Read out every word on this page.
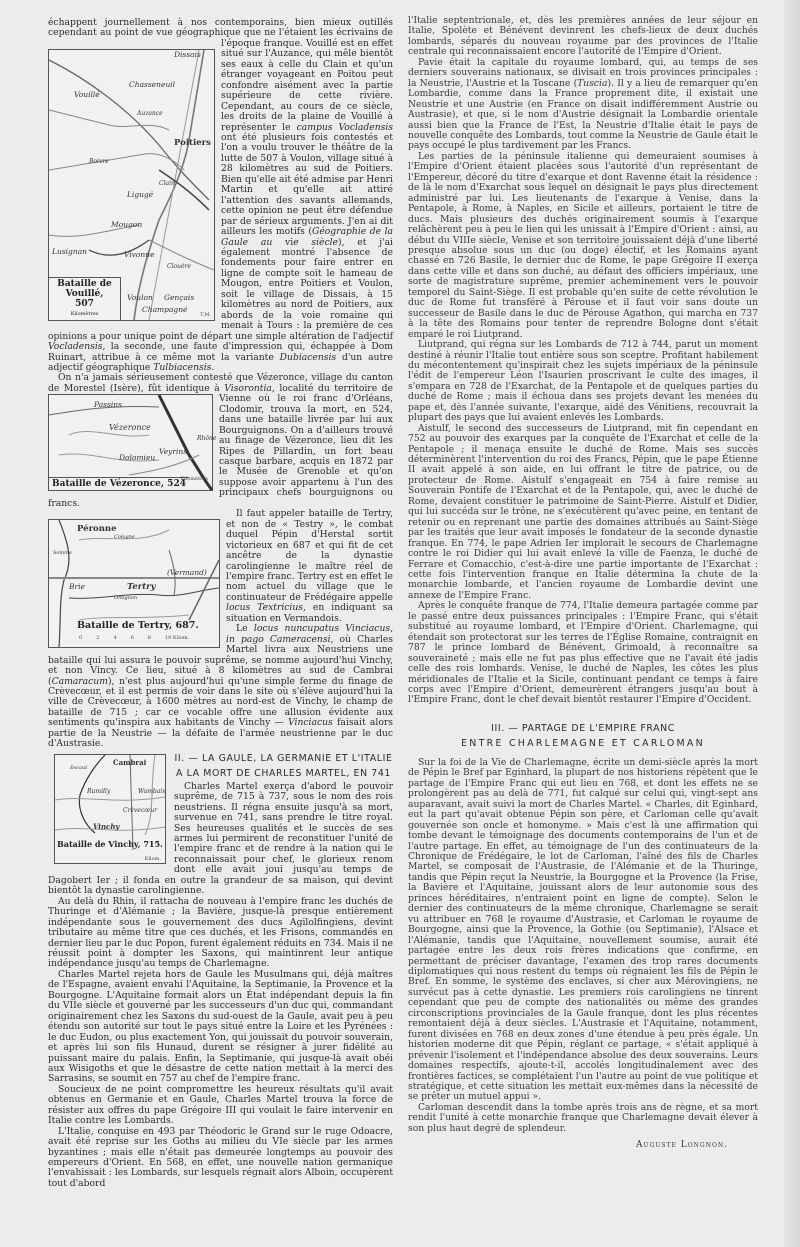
échappent journellement à nos contemporains, bien mieux outillés cependant au point de vue géographique que ne l'étaient les écrivains de l'époque franque. Vouillé est en effet situé sur l'Auzance, qui mêle bientôt ses eaux à celle du Clain et qu'un étranger voyageant en Poitou peut confondre aisément avec la partie supérieure de cette rivière. Cependant, au cours de ce siècle, les droits de la plaine de Vouillé à représenter le campus Vocladensis ont été plusieurs fois contestés et l'on a voulu trouver le théâtre de la lutte de 507 à Voulon, village situé à 28 kilomètres au sud de Poitiers. Bien qu'elle ait été admise par Henri Martin et qu'elle ait attiré l'attention des savants allemands, cette opinion ne peut être défendue par de sérieux arguments. J'en ai dit ailleurs les motifs (Géographie de la Gaule au vie siècle), et j'ai également montré l'absence de fondements pour faire entrer en ligne de compte soit le hameau de Mougon, entre Poitiers et Voulon, soit le village de Dissais, à 15 kilomètres au nord de Poitiers, aux abords de la voie romaine qui menait à Tours : la première de ces opinions a pour unique point de départ une simple altération de l'adjectif Vocladensis, la seconde, une faute d'impression qui, échappée à Dom Ruinart, attribue à ce même mot la variante Dubiacensis d'un autre adjectif géographique Tulbiacensis.

On n'a jamais sérieusement contesté que Vézeronce, village du canton de Morestel (Isère), fût identique à Visorontia, localité du territoire de Vienne où le roi franc d'Orléans, Clodomir, trouva la mort, en 524, dans une bataille livrée par lui aux Bourguignons. On a d'ailleurs trouvé au finage de Vézeronce, lieu dit les Ripes de Pillardin, un fort beau casque barbare, acquis en 1872 par le Musée de Grenoble et qu'on suppose avoir appartenu à l'un des principaux chefs bourguignons ou francs.

Il faut appeler bataille de Tertry, et non de « Testry », le combat duquel Pépin d'Herstal sortit victorieux en 687 et qui fit de cet ancêtre de la dynastie carolingienne le maître réel de l'empire franc. Tertry est en effet le nom actuel du village que le continuateur de Frédégaire appelle locus Textricius, en indiquant sa situation en Vermandois.

Le locus nuncupatus Vinciacus, in pago Cameracensi, où Charles Martel livra aux Neustriens une bataille qui lui assura le pouvoir suprême, se nomme aujourd'hui Vinchy, et non Vincy. Ce lieu, situé à 8 kilomètres au sud de Cambrai (Camaracum), n'est plus aujourd'hui qu'une simple ferme du finage de Crèvecœur, et il est permis de voir dans le site où s'élève aujourd'hui la ville de Crèvecœur, à 1600 mètres au nord-est de Vinchy, le champ de bataille de 715 ; car ce vocable offre une allusion évidente aux sentiments qu'inspira aux habitants de Vinchy — Vinciacus faisait alors partie de la Neustrie — la défaite de l'armée neustrienne par le duc d'Austrasie.

II. — LA GAULE, LA GERMANIE ET L'ITALIE
A LA MORT DE CHARLES MARTEL, EN 741

Charles Martel exerça d'abord le pouvoir suprême, de 715 à 737, sous le nom des rois neustriens. Il régna ensuite jusqu'à sa mort, survenue en 741, sans prendre le titre royal. Ses heureuses qualités et le succès de ses armes lui permirent de reconstituer l'unité de l'empire franc et de rendre à la nation qui le reconnaissait pour chef, le glorieux renom dont elle avait joui jusqu'au temps de Dagobert Ier ; il fonda en outre la grandeur de sa maison, qui devint bientôt la dynastie carolingienne.

Au delà du Rhin, il rattacha de nouveau à l'empire franc les duchés de Thuringe et d'Alémanie ; la Bavière, jusque-là presque entièrement indépendante sous le gouvernement des ducs Agilolfingiens, devint tributaire au même titre que ces duchés, et les Frisons, commandés en dernier lieu par le duc Popon, furent également réduits en 734. Mais il ne réussit point à dompter les Saxons, qui maintinrent leur antique indépendance jusqu'au temps de Charlemagne.

Charles Martel rejeta hors de Gaule les Musulmans qui, déjà maîtres de l'Espagne, avaient envahi l'Aquitaine, la Septimanie, la Provence et la Bourgogne. L'Aquitaine formait alors un État indépendant depuis la fin du VIIe siècle et gouverné par les successeurs d'un duc qui, commandant originairement chez les Saxons du sud-ouest de la Gaule, avait peu à peu étendu son autorité sur tout le pays situé entre la Loire et les Pyrénées : le duc Eudon, ou plus exactement Yon, qui jouissait du pouvoir souverain, et après lui son fils Hunaud, durent se résigner à jurer fidélité au puissant maire du palais. Enfin, la Septimanie, qui jusque-là avait obéi aux Wisigoths et que le désastre de cette nation mettait à la merci des Sarrasins, se soumit en 757 au chef de l'empire franc.

Soucieux de ne point compromettre les heureux résultats qu'il avait obtenus en Germanie et en Gaule, Charles Martel trouva la force de résister aux offres du pape Grégoire III qui voulait le faire intervenir en Italie contre les Lombards.

L'Italie, conquise en 493 par Théodoric le Grand sur le ruge Odoacre, avait été reprise sur les Goths au milieu du VIe siècle par les armes byzantines ; mais elle n'était pas demeurée longtemps au pouvoir des empereurs d'Orient. En 568, en effet, une nouvelle nation germanique l'envahissait : les Lombards, sur lesquels régnait alors Alboin, occupèrent tout d'abord

Dissais
Chasseneuil
Vouillé
Auzance
Poitiers
Boivre
Ligugé
Clain
Mougon
Lusignan	Vivonne
Clouère
Voulon Gençais
Champagné
Bataille de Vouillé,
507
Kilomètres	T.M.
Passins
Vézeronce
Dolomieu
Veyrins
Rhône
Bataille de Vézeronce, 524
Kilomètres
Péronne
Cologne
Somme
(Vermand)
Brie	Tertry
Omignon
Bataille de Tertry, 687.
0	2	4	6	8	10 Kilom.
Cambrai
Escaut
Rumilly	Wambaix
Crèvecœur
Vinchy
Bataille de Vinchy, 715.
Kilom.

l'Italie septentrionale, et, dès les premières années de leur séjour en Italie, Spolète et Bénévent devinrent les chefs-lieux de deux duchés lombards, séparés du nouveau royaume par des provinces de l'Italie centrale qui reconnaissaient encore l'autorité de l'Empire d'Orient.

Pavie était la capitale du royaume lombard, qui, au temps de ses derniers souverains nationaux, se divisait en trois provinces principales : la Neustrie, l'Austrie et la Toscane (Tuscia). Il y a lieu de remarquer qu'en Lombardie, comme dans la France proprement dite, il existait une Neustrie et une Austrie (en France on disait indifféremment Austrie ou Austrasie), et que, si le nom d'Austrie désignait la Lombardie orientale aussi bien que la France de l'Est, la Neustrie d'Italie était le pays de nouvelle conquête des Lombards, tout comme la Neustrie de Gaule était le pays occupé le plus tardivement par les Francs.

Les parties de la péninsule italienne qui demeuraient soumises à l'Empire d'Orient étaient placées sous l'autorité d'un représentant de l'Empereur, décoré du titre d'exarque et dont Ravenne était la résidence : de là le nom d'Exarchat sous lequel on désignait le pays plus directement administré par lui. Les lieutenants de l'exarque à Venise, dans la Pentapole, à Rome, à Naples, en Sicile et ailleurs, portaient le titre de ducs. Mais plusieurs des duchés originairement soumis à l'exarque relâchèrent peu à peu le lien qui les unissait à l'Empire d'Orient : ainsi, au début du VIIIe siècle, Venise et son territoire jouissaient déjà d'une liberté presque absolue sous un duc (ou doge) électif, et les Romains ayant chassé en 726 Basile, le dernier duc de Rome, le pape Grégoire II exerça dans cette ville et dans son duché, au défaut des officiers impériaux, une sorte de magistrature suprême, premier acheminement vers le pouvoir temporel du Saint-Siège. Il est probable qu'en suite de cette révolution le duc de Rome fut transféré à Pérouse et il faut voir sans doute un successeur de Basile dans le duc de Pérouse Agathon, qui marcha en 737 à la tête des Romains pour tenter de reprendre Bologne dont s'était emparé le roi Liutprand.

Liutprand, qui régna sur les Lombards de 712 à 744, parut un moment destiné à réunir l'Italie tout entière sous son sceptre. Profitant habilement du mécontentement qu'inspirait chez les sujets impériaux de la péninsule l'édit de l'empereur Léon l'Isaurien proscrivant le culte des images, il s'empara en 728 de l'Exarchat, de la Pentapole et de quelques parties du duché de Rome ; mais il échoua dans ses projets devant les menées du pape et, dès l'année suivante, l'exarque, aidé des Vénitiens, recouvrait la plupart des pays que lui avaient enlevés les Lombards.

Aistulf, le second des successeurs de Liutprand, mit fin cependant en 752 au pouvoir des exarques par la conquête de l'Exarchat et celle de la Pentapole ; il menaça ensuite le duché de Rome. Mais ses succès déterminèrent l'intervention du roi des Francs, Pépin, que le pape Étienne II avait appelé à son aide, en lui offrant le titre de patrice, ou de protecteur de Rome. Aistulf s'engageait en 754 à faire remise au Souverain Pontife de l'Exarchat et de la Pentapole, qui, avec le duché de Rome, devaient constituer le patrimoine de Saint-Pierre. Aistulf et Didier, qui lui succéda sur le trône, ne s'exécutèrent qu'avec peine, en tentant de retenir ou en reprenant une partie des domaines attribués au Saint-Siège par les traités que leur avait imposés le fondateur de la seconde dynastie franque. En 774, le pape Adrien Ier implorait le secours de Charlemagne contre le roi Didier qui lui avait enlevé la ville de Faenza, le duché de Ferrare et Comacchio, c'est-à-dire une partie importante de l'Exarchat : cette fois l'intervention franque en Italie détermina la chute de la monarchie lombarde, et l'ancien royaume de Lombardie devint une annexe de l'Empire Franc.

Après le conquête franque de 774, l'Italie demeura partagée comme par le passé entre deux puissances principales : l'Empire Franc, qui s'était substitué au royaume lombard, et l'Empire d'Orient. Charlemagne, qui étendait son protectorat sur les terres de l'Église Romaine, contraignit en 787 le prince lombard de Bénévent, Grimoald, à reconnaître sa souveraineté ; mais elle ne fut pas plus effective que ne l'avait été jadis celle des rois lombards. Venise, le duché de Naples, les côtes les plus méridionales de l'Italie et la Sicile, continuant pendant ce temps à faire corps avec l'Empire d'Orient, demeurèrent étrangers jusqu'au bout à l'Empire Franc, dont le chef devait bientôt restaurer l'Empire d'Occident.

III. — PARTAGE DE L'EMPIRE FRANC
ENTRE CHARLEMAGNE ET CARLOMAN

Sur la foi de la Vie de Charlemagne, écrite un demi-siècle après la mort de Pépin le Bref par Eginhard, la plupart de nos historiens répètent que le partage de l'Empire Franc qui eut lieu en 768, et dont les effets ne se prolongèrent pas au delà de 771, fut calqué sur celui qui, vingt-sept ans auparavant, avait suivi la mort de Charles Martel. « Charles, dit Eginhard, eut la part qu'avait obtenue Pépin son père, et Carloman celle qu'avait gouvernée son oncle et homonyme. » Mais c'est là une affirmation qui tombe devant le témoignage des documents contemporains de l'un et de l'autre partage. En effet, au témoignage de l'un des continuateurs de la Chronique de Frédégaire, le lot de Carloman, l'aîné des fils de Charles Martel, se composait de l'Austrasie, de l'Alémanie et de la Thuringe, tandis que Pépin reçut la Neustrie, la Bourgogne et la Provence (la Frise, la Bavière et l'Aquitaine, jouissant alors de leur autonomie sous des princes héréditaires, n'entraient point en ligne de compte). Selon le dernier des continuateurs de la même chronique, Charlemagne se serait vu attribuer en 768 le royaume d'Austrasie, et Carloman le royaume de Bourgogne, ainsi que la Provence, la Gothie (ou Septimanie), l'Alsace et l'Alémanie, tandis que l'Aquitaine, nouvellement soumise, aurait été partagée entre les deux rois frères indications que confirme, en permettant de préciser davantage, l'examen des trop rares documents diplomatiques qui nous restent du temps où régnaient les fils de Pépin le Bref. En somme, le système des enclaves, si cher aux Mérovingiens, ne survécut pas à cette dynastie. Les premiers rois carolingiens ne tinrent cependant que peu de compte des nationalités ou même des grandes circonscriptions provinciales de la Gaule franque, dont les plus récentes remontaient déjà à deux siècles. L'Austrasie et l'Aquitaine, notamment, furent divisées en 768 en deux zones d'une étendue à peu près égale. Un historien moderne dit que Pépin, réglant ce partage, « s'était appliqué à prévenir l'isolement et l'indépendance absolue des deux souverains. Leurs domaines respectifs, ajoute-t-il, accolés longitudinalement avec des frontières factices, se complétaient l'un l'autre au point de vue politique et stratégique, et cette situation les mettait eux-mêmes dans la nécessité de se prêter un mutuel appui ».

Carloman descendit dans la tombe après trois ans de règne, et sa mort rendit l'unité à cette monarchie franque que Charlemagne devait élever à son plus haut degré de splendeur.

Auguste Longnon.
